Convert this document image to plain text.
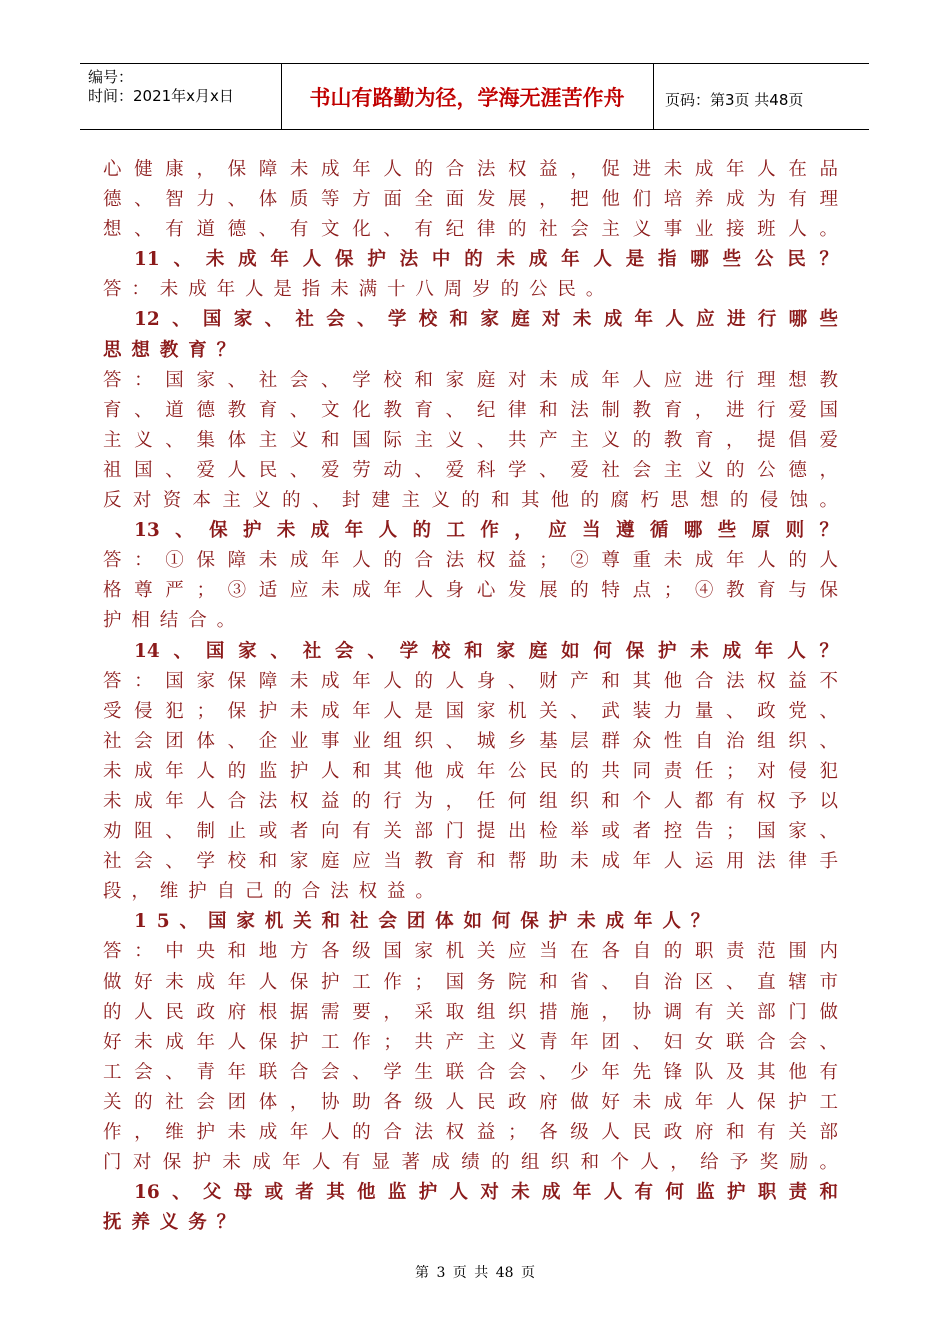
编号：
时间：2021年x月x日	书山有路勤为径，学海无涯苦作舟	页码：第3页 共48页
心健康，保障未成年人的合法权益，促进未成年人在品
德、智力、体质等方面全面发展，把他们培养成为有理
想、有道德、有文化、有纪律的社会主义事业接班人。
11、未成年人保护法中的未成年人是指哪些公民？
答：未成年人是指未满十八周岁的公民。
12、国家、社会、学校和家庭对未成年人应进行哪些
思想教育？
答：国家、社会、学校和家庭对未成年人应进行理想教
育、道德教育、文化教育、纪律和法制教育，进行爱国
主义、集体主义和国际主义、共产主义的教育，提倡爱
祖国、爱人民、爱劳动、爱科学、爱社会主义的公德，
反对资本主义的、封建主义的和其他的腐朽思想的侵蚀。
13、保护未成年人的工作，应当遵循哪些原则？
答：①保障未成年人的合法权益；②尊重未成年人的人
格尊严；③适应未成年人身心发展的特点；④教育与保
护相结合。
14、国家、社会、学校和家庭如何保护未成年人？
答：国家保障未成年人的人身、财产和其他合法权益不
受侵犯；保护未成年人是国家机关、武装力量、政党、
社会团体、企业事业组织、城乡基层群众性自治组织、
未成年人的监护人和其他成年公民的共同责任；对侵犯
未成年人合法权益的行为，任何组织和个人都有权予以
劝阻、制止或者向有关部门提出检举或者控告；国家、
社会、学校和家庭应当教育和帮助未成年人运用法律手
段，维护自己的合法权益。
15、国家机关和社会团体如何保护未成年人？
答：中央和地方各级国家机关应当在各自的职责范围内
做好未成年人保护工作；国务院和省、自治区、直辖市
的人民政府根据需要，采取组织措施，协调有关部门做
好未成年人保护工作；共产主义青年团、妇女联合会、
工会、青年联合会、学生联合会、少年先锋队及其他有
关的社会团体，协助各级人民政府做好未成年人保护工
作，维护未成年人的合法权益；各级人民政府和有关部
门对保护未成年人有显著成绩的组织和个人，给予奖励。
16、父母或者其他监护人对未成年人有何监护职责和
抚养义务？
第 3 页 共 48 页
